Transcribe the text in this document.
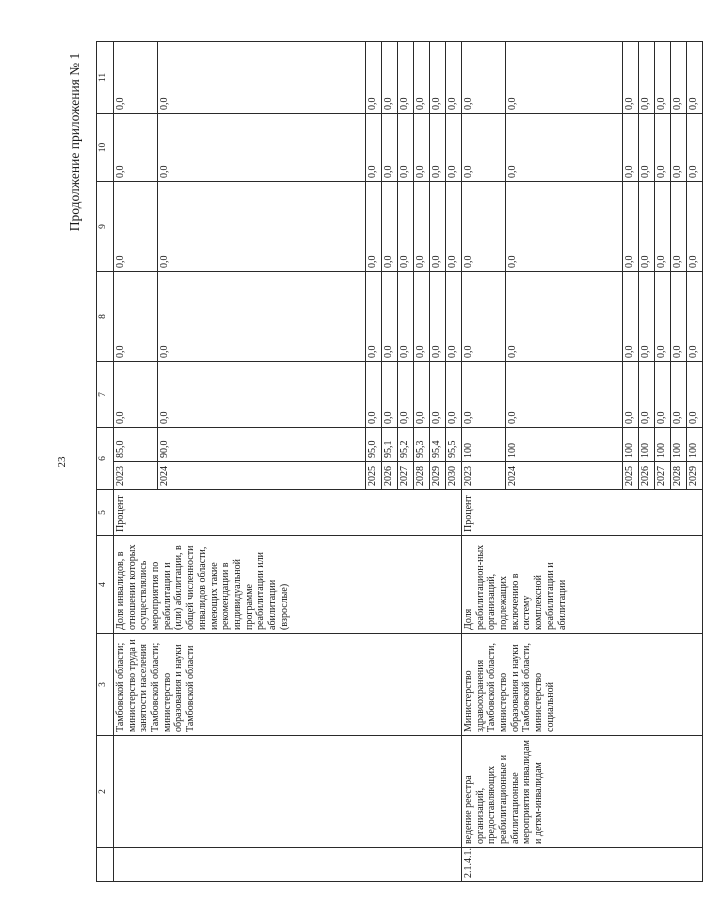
23
Продолжение приложения № 1
	2	3	4	5	6		7	8	9	10	11
		Тамбовской области; министерство труда и занятости населения Тамбовской области; министерство образования и науки Тамбовской области	Доля инвалидов, в отношении которых осуществлялись мероприятия по реабилитации и (или) абилитации, в общей численности инвалидов области, имеющих такие рекомендации в индивидуальной программе реабилитации или абилитации (взрослые)	Процент	2023	85,0	0,0	0,0	0,0	0,0	0,0
					2024	90,0	0,0	0,0	0,0	0,0	0,0
					2025	95,0	0,0	0,0	0,0	0,0	0,0
					2026	95,1	0,0	0,0	0,0	0,0	0,0
					2027	95,2	0,0	0,0	0,0	0,0	0,0
					2028	95,3	0,0	0,0	0,0	0,0	0,0
					2029	95,4	0,0	0,0	0,0	0,0	0,0
					2030	95,5	0,0	0,0	0,0	0,0	0,0
2.1.4.1.	ведение реестра организаций, предоставляющих реабилитационные и абилитационные мероприятия инвалидам и детям-инвалидам	Министерство здравоохранения Тамбовской области, министерство образования и науки Тамбовской области, министерство социальной	Доля реабилитацион-ных организаций, подлежащих включению в систему комплексной реабилитации и абилитации	Процент	2023	100	0,0	0,0	0,0	0,0	0,0
					2024	100	0,0	0,0	0,0	0,0	0,0
					2025	100	0,0	0,0	0,0	0,0	0,0
					2026	100	0,0	0,0	0,0	0,0	0,0
					2027	100	0,0	0,0	0,0	0,0	0,0
					2028	100	0,0	0,0	0,0	0,0	0,0
					2029	100	0,0	0,0	0,0	0,0	0,0
